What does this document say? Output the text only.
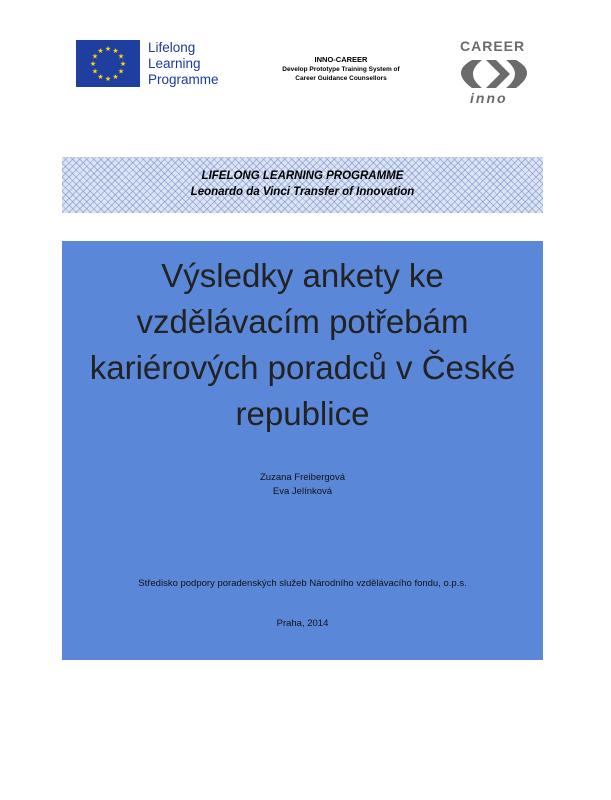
★ ★
★
★
★
★
★
★
★
★
★
★	Lifelong
Learning
Programme
INNO-CAREER
Develop Prototype Training System of
Career Guidance Counsellors
CAREER
inno
LIFELONG LEARNING PROGRAMME
Leonardo da Vinci Transfer of Innovation
Výsledky ankety ke
vzdělávacím potřebám
kariérových poradců v České
republice
Zuzana Freibergová
Eva Jelínková
Středisko podpory poradenských služeb Národního vzdělávacího fondu, o.p.s.
Praha, 2014
